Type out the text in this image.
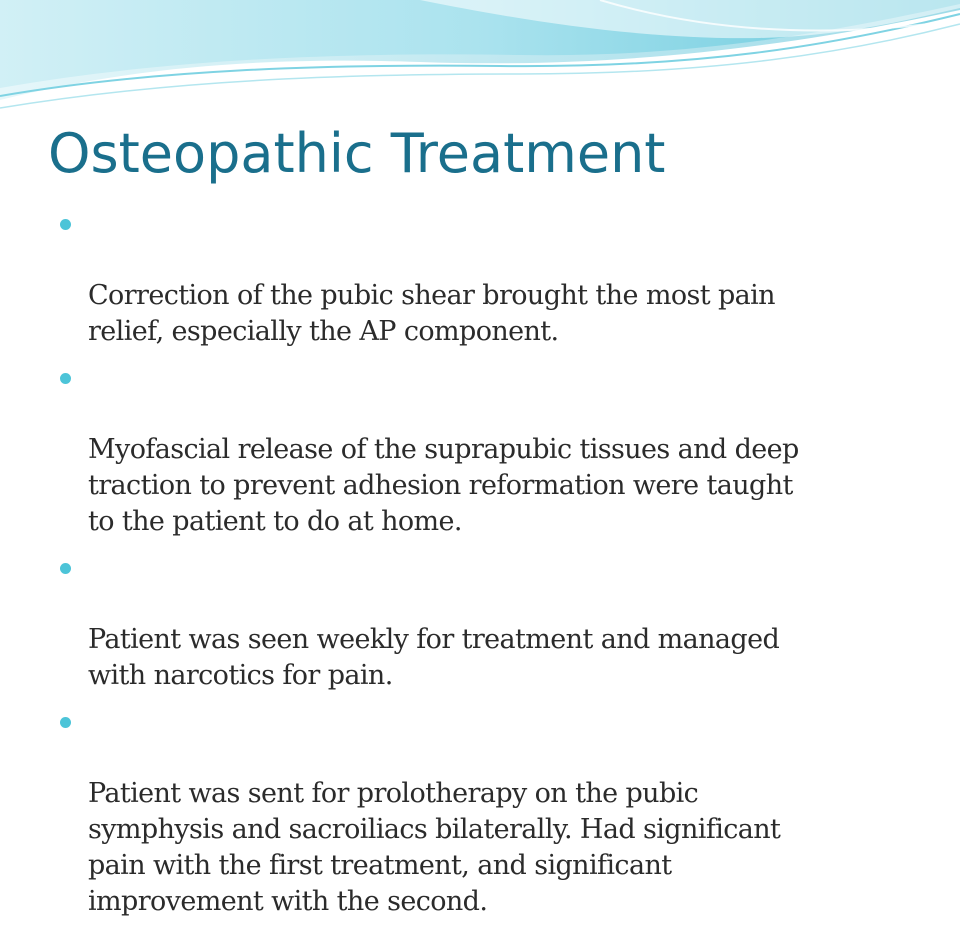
Osteopathic Treatment

Correction of the pubic shear brought the most pain
relief, especially the AP component.

Myofascial release of the suprapubic tissues and deep
traction to prevent adhesion reformation were taught
to the patient to do at home.

Patient was seen weekly for treatment and managed
with narcotics for pain.

Patient was sent for prolotherapy on the pubic
symphysis and sacroiliacs bilaterally. Had significant
pain with the first treatment, and significant
improvement with the second.
